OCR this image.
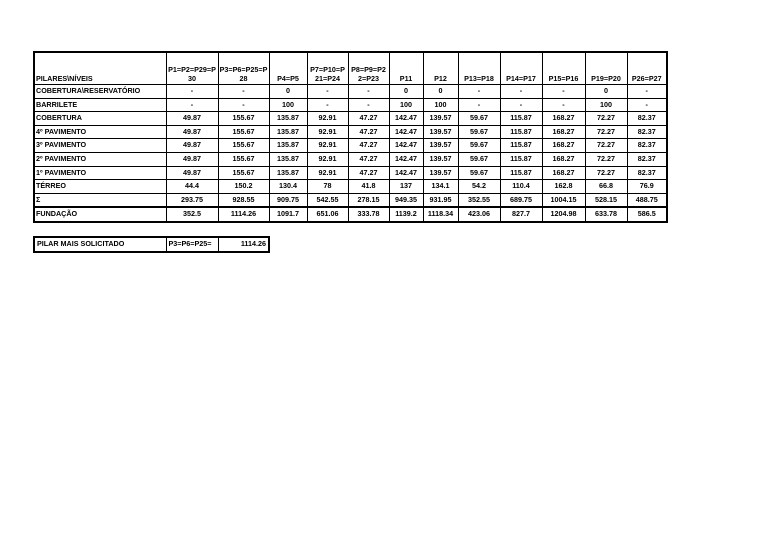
PILARES\NÍVEIS	P1=P2=P29=P30	P3=P6=P25=P28	P4=P5	P7=P10=P21=P24	P8=P9=P22=P23	P11	P12	P13=P18	P14=P17	P15=P16	P19=P20	P26=P27
COBERTURA\RESERVATÓRIO	-	-	0	-	-	0	0	-	-	-	0	-
BARRILETE	-	-	100	-	-	100	100	-	-	-	100	-
COBERTURA	49.87	155.67	135.87	92.91	47.27	142.47	139.57	59.67	115.87	168.27	72.27	82.37
4º PAVIMENTO	49.87	155.67	135.87	92.91	47.27	142.47	139.57	59.67	115.87	168.27	72.27	82.37
3º PAVIMENTO	49.87	155.67	135.87	92.91	47.27	142.47	139.57	59.67	115.87	168.27	72.27	82.37
2º PAVIMENTO	49.87	155.67	135.87	92.91	47.27	142.47	139.57	59.67	115.87	168.27	72.27	82.37
1º PAVIMENTO	49.87	155.67	135.87	92.91	47.27	142.47	139.57	59.67	115.87	168.27	72.27	82.37
TÉRREO	44.4	150.2	130.4	78	41.8	137	134.1	54.2	110.4	162.8	66.8	76.9
Σ	293.75	928.55	909.75	542.55	278.15	949.35	931.95	352.55	689.75	1004.15	528.15	488.75
FUNDAÇÃO	352.5	1114.26	1091.7	651.06	333.78	1139.2	1118.34	423.06	827.7	1204.98	633.78	586.5
PILAR MAIS SOLICITADO	P3=P6=P25=	1114.26
